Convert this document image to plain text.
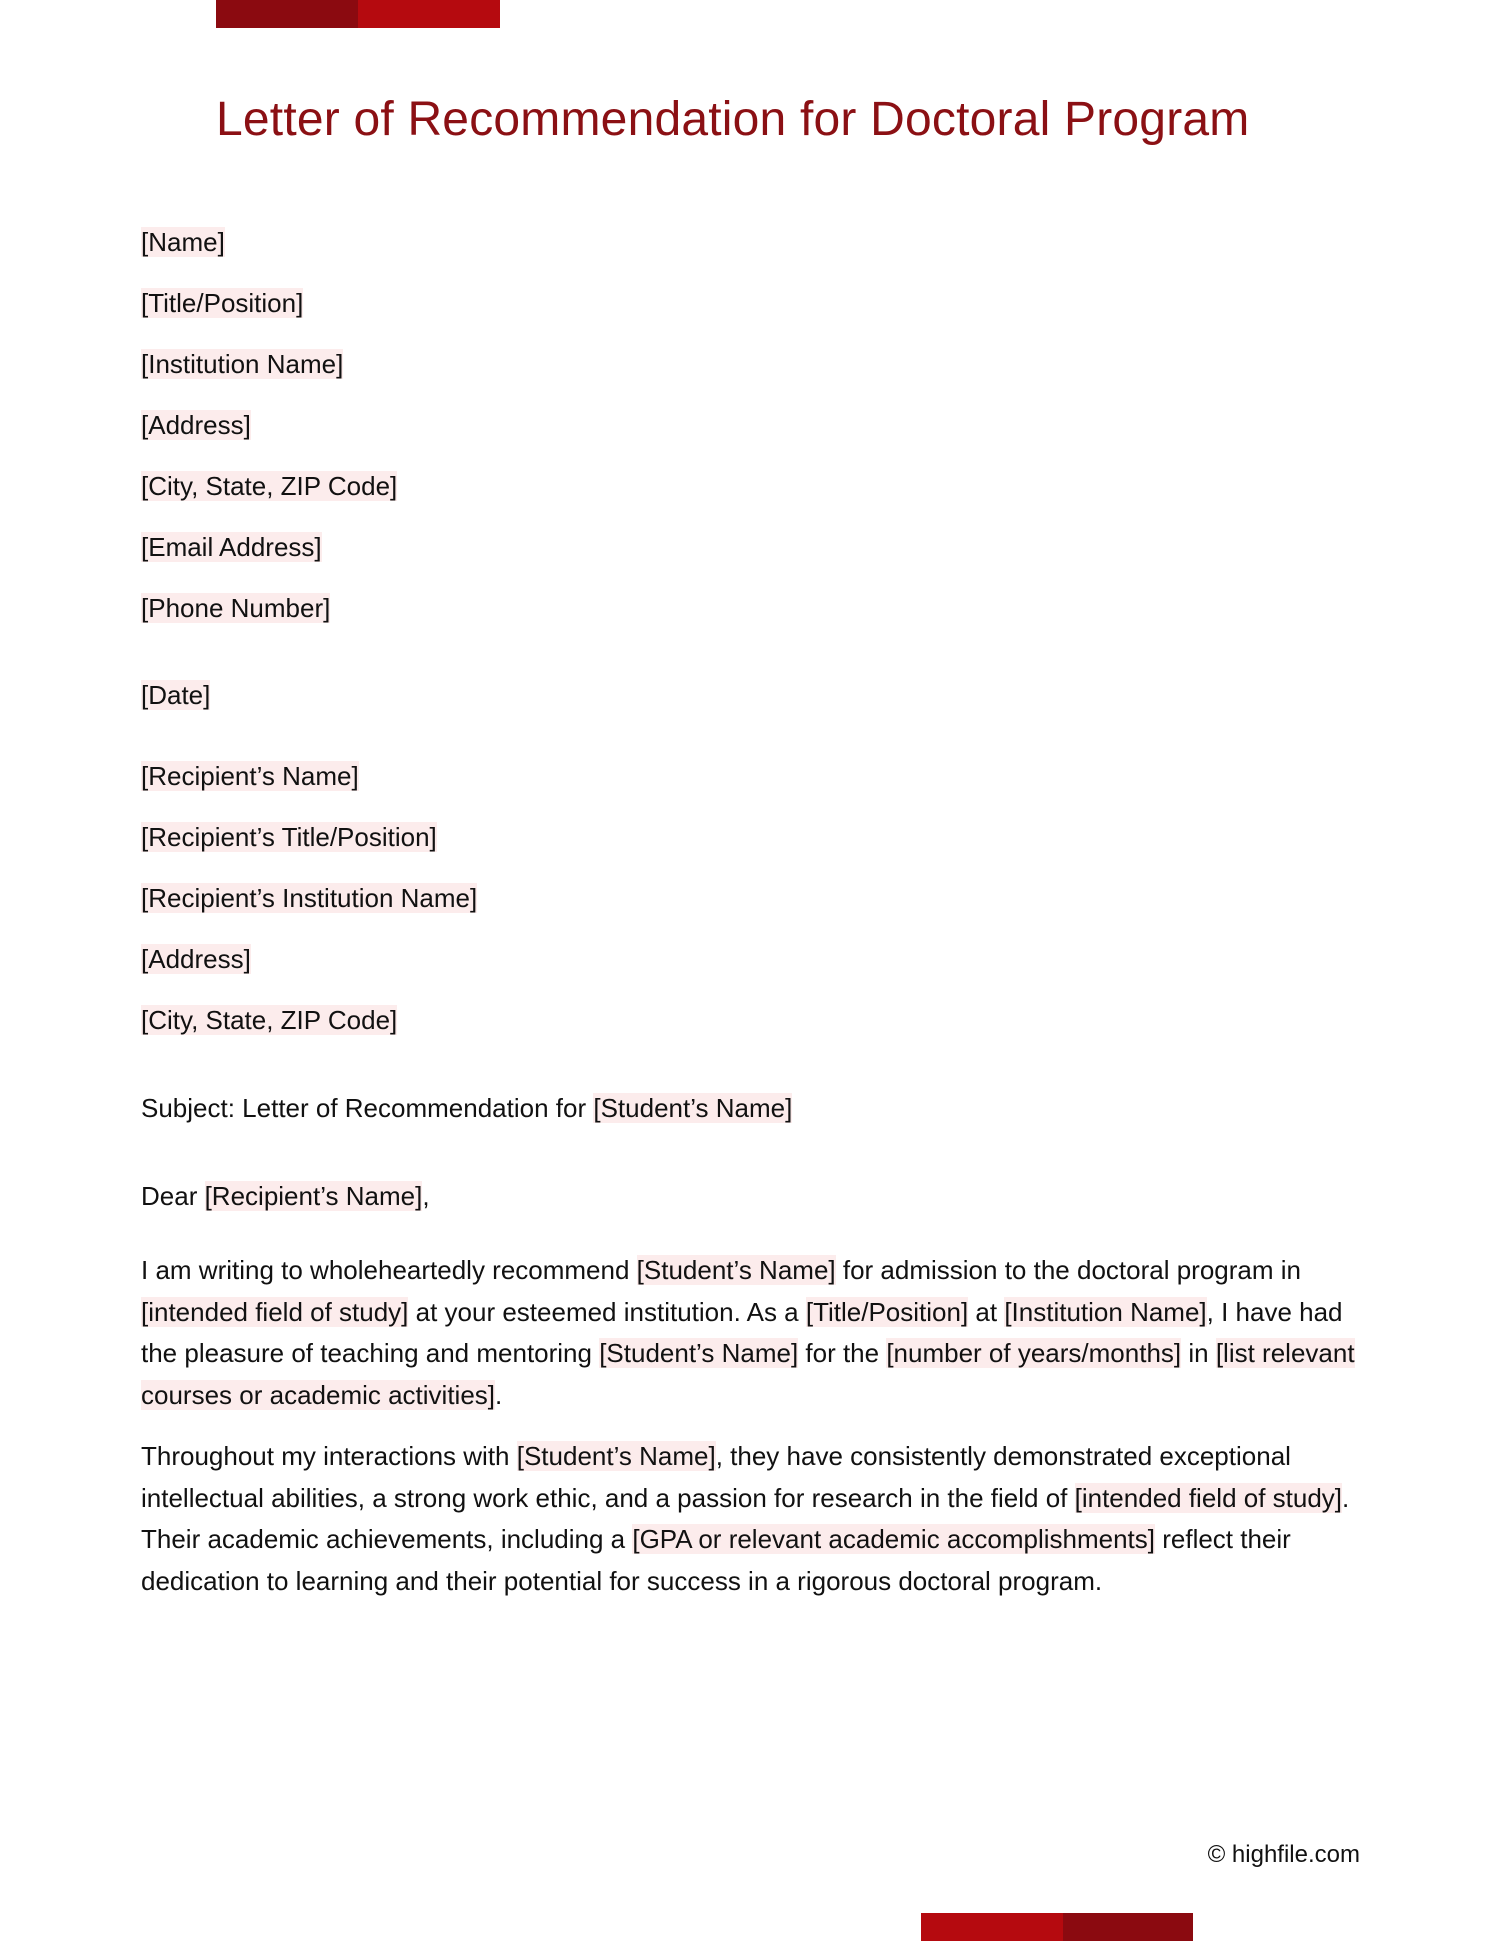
Letter of Recommendation for Doctoral Program
[Name]
[Title/Position]
[Institution Name]
[Address]
[City, State, ZIP Code]
[Email Address]
[Phone Number]
[Date]
[Recipient’s Name]
[Recipient’s Title/Position]
[Recipient’s Institution Name]
[Address]
[City, State, ZIP Code]
Subject: Letter of Recommendation for [Student’s Name]
Dear [Recipient’s Name],

I am writing to wholeheartedly recommend [Student’s Name] for admission to the doctoral program in [intended field of study] at your esteemed institution. As a [Title/Position] at [Institution Name], I have had the pleasure of teaching and mentoring [Student’s Name] for the [number of years/months] in [list relevant courses or academic activities].

Throughout my interactions with [Student’s Name], they have consistently demonstrated exceptional intellectual abilities, a strong work ethic, and a passion for research in the field of [intended field of study]. Their academic achievements, including a [GPA or relevant academic accomplishments] reflect their dedication to learning and their potential for success in a rigorous doctoral program.

© highfile.com
